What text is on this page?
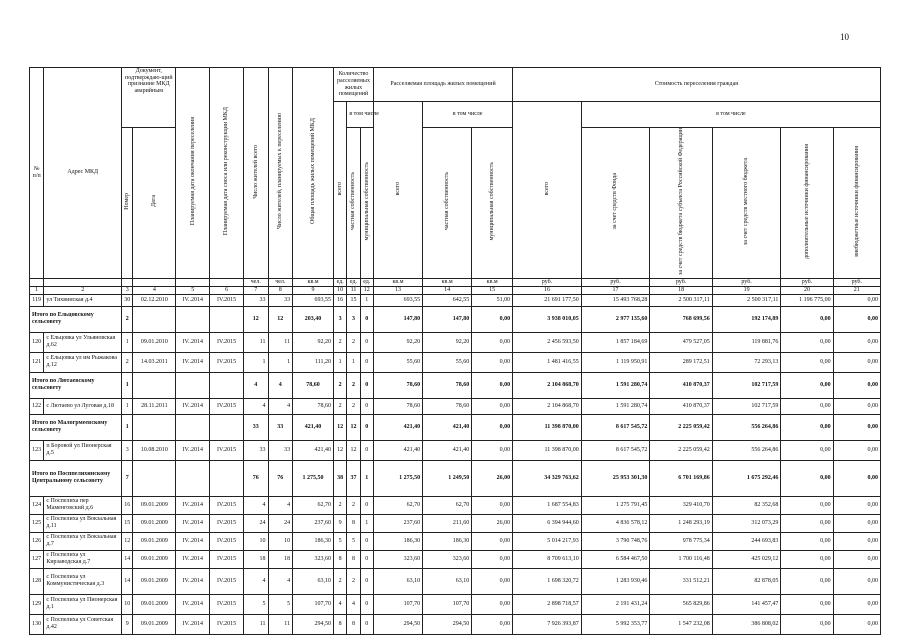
10
№ п/п	Адрес МКД	Документ, подтверждаю-щий признание МКД аварийным		Планируемая дата окончания переселения	Планируемая дата сноса или реконструкции МКД	Число жителей всего	Число жителей, планируемых к переселению	Общая площадь жилых помещений МКД	Количество расселяемых жилых помещений			Расселяемая площадь жилых помещений			Стоимость переселения граждан					
									всего	в том числе		всего	в том числе		всего	в том числе				
		Номер	Дата							частная собственность	муниципальная собственность		частная собственность	муниципальная собственность		за счет средств Фонда	за счет средств бюджета субъекта Российской Федерации	за счет средств местного бюджета	дополнительные источники финансирования	внебюджетные источники финансирования
						чел.	чел.	кв.м	ед.	ед.	ед.	кв.м	кв.м	кв.м	руб.	руб.	руб.	руб.	руб.	руб.
1	2	3	4	5	6	7	8	9	10	11	12	13	14	15	16	17	18	19	20	21
119	ул Тихвинская д.4	30	02.12.2010	IV..2014	IV.2015	33	33	693,55	16	15	1	693,55	642,55	51,00	21 691 177,50	15 493 768,28	2 500 317,11	2 500 317,11	1 196 775,00	0,00
Итого по Ельцовскому сельсовету		2				12	12	203,40	3	3	0	147,80	147,80	0,00	3 938 010,05	2 977 135,60	768 699,56	192 174,89	0,00	0,00
120	с Ельцовка ул Ульяновская д.62	1	09.01.2010	IV..2014	IV.2015	11	11	92,20	2	2	0	92,20	92,20	0,00	2 456 593,50	1 857 184,69	479 527,05	119 881,76	0,00	0,00
121	с Ельцовка ул им Рыжакова д.12	2	14.03.2011	IV..2014	IV.2015	1	1	111,20	1	1	0	55,60	55,60	0,00	1 481 416,55	1 119 950,91	289 172,51	72 293,13	0,00	0,00
Итого по Лютаевскому сельсовету		1				4	4	78,60	2	2	0	78,60	78,60	0,00	2 104 868,70	1 591 280,74	410 870,37	102 717,59	0,00	0,00
122	с Лютаево ул Луговая д.18	1	28.11.2011	IV..2014	IV.2015	4	4	78,60	2	2	0	78,60	78,60	0,00	2 104 868,70	1 591 280,74	410 870,37	102 717,59	0,00	0,00
Итого по Малогрмеевскому сельсовету		1				33	33	421,40	12	12	0	421,40	421,40	0,00	11 398 870,00	8 617 545,72	2 225 059,42	556 264,86	0,00	0,00
123	п Боровой ул Пионерская д.5	3	10.08.2010	IV..2014	IV.2015	33	33	421,40	12	12	0	421,40	421,40	0,00	11 398 870,00	8 617 545,72	2 225 059,42	556 264,86	0,00	0,00
Итого по Посппелихинскому Центральному сельсовету		7				76	76	1 275,50	38	37	1	1 275,50	1 249,50	26,00	34 329 763,62	25 953 301,30	6 701 169,86	1 675 292,46	0,00	0,00
124	с Поспелиха пер Маменговский д.6	16	09.01.2009	IV..2014	IV.2015	4	4	62,70	2	2	0	62,70	62,70	0,00	1 687 554,83	1 275 791,45	329 410,70	82 352,68	0,00	0,00
125	с Поспелиха ул Вокзальная д.11	15	09.01.2009	IV..2014	IV.2015	24	24	237,60	9	8	1	237,60	211,60	26,00	6 394 944,60	4 836 578,12	1 248 293,19	312 073,29	0,00	0,00
126	с Поспелиха ул Вокзальная д.7	12	09.01.2009	IV..2014	IV.2015	10	10	186,30	5	5	0	186,30	186,30	0,00	5 014 217,93	3 790 748,76	978 775,34	244 693,83	0,00	0,00
127	с Поспелиха ул Кирзаводская д.7	14	09.01.2009	IV..2014	IV.2015	18	18	323,60	8	8	0	323,60	323,60	0,00	8 709 613,10	6 584 467,50	1 700 116,48	425 029,12	0,00	0,00
128	с Поспелиха ул Коммунистическая д.3	14	09.01.2009	IV..2014	IV.2015	4	4	63,10	2	2	0	63,10	63,10	0,00	1 698 320,72	1 283 930,46	331 512,21	82 878,05	0,00	0,00
129	с Поспелиха ул Пионерская д.1	10	09.01.2009	IV..2014	IV.2015	5	5	107,70	4	4	0	107,70	107,70	0,00	2 898 718,57	2 191 431,24	565 829,86	141 457,47	0,00	0,00
130	с Поспелиха ул Советская д.42	9	09.01.2009	IV..2014	IV.2015	11	11	294,50	8	8	0	294,50	294,50	0,00	7 926 393,87	5 992 353,77	1 547 232,08	386 808,02	0,00	0,00
